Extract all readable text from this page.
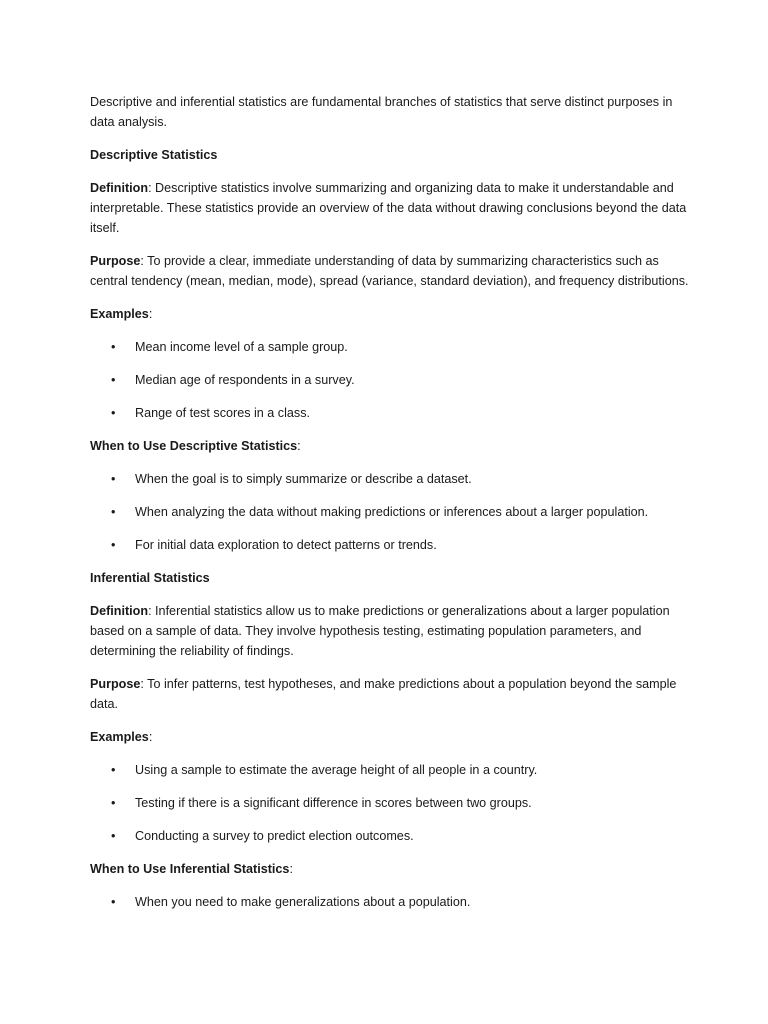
Descriptive and inferential statistics are fundamental branches of statistics that serve distinct purposes in data analysis.

Descriptive Statistics

Definition: Descriptive statistics involve summarizing and organizing data to make it understandable and interpretable. These statistics provide an overview of the data without drawing conclusions beyond the data itself.

Purpose: To provide a clear, immediate understanding of data by summarizing characteristics such as central tendency (mean, median, mode), spread (variance, standard deviation), and frequency distributions.

Examples:

• Mean income level of a sample group.
• Median age of respondents in a survey.
• Range of test scores in a class.

When to Use Descriptive Statistics:

• When the goal is to simply summarize or describe a dataset.
• When analyzing the data without making predictions or inferences about a larger population.
• For initial data exploration to detect patterns or trends.

Inferential Statistics

Definition: Inferential statistics allow us to make predictions or generalizations about a larger population based on a sample of data. They involve hypothesis testing, estimating population parameters, and determining the reliability of findings.

Purpose: To infer patterns, test hypotheses, and make predictions about a population beyond the sample data.

Examples:

• Using a sample to estimate the average height of all people in a country.
• Testing if there is a significant difference in scores between two groups.
• Conducting a survey to predict election outcomes.

When to Use Inferential Statistics:

• When you need to make generalizations about a population.
